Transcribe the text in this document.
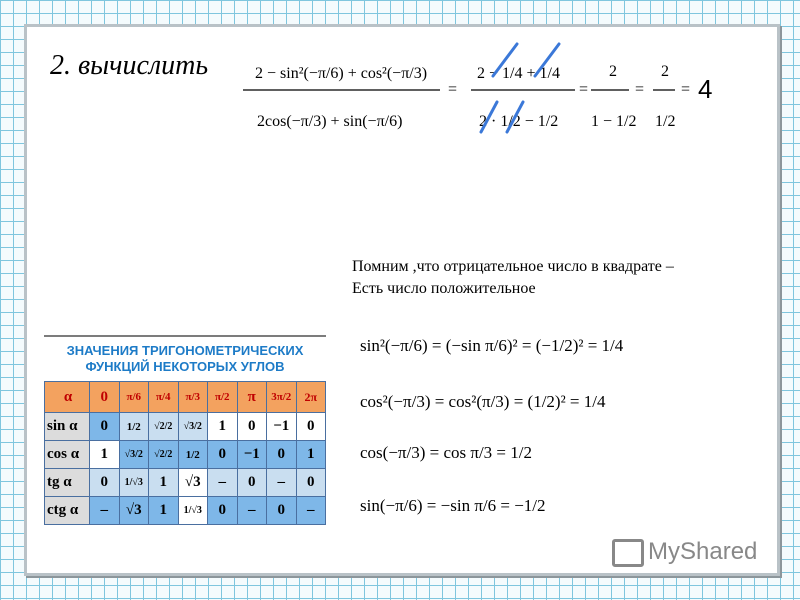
2. вычислить	2 − sin²(−π/6) + cos²(−π/3)
2cos(−π/3) + sin(−π/6)
=
2 − 1/4 + 1/4
2 · 1/2 − 1/2
=
2
1 − 1/2
=
2
1/2
= 4
Помним ,что отрицательное число в квадрате –
Есть число положительное
sin²(−π/6) = (−sin π/6)² = (−1/2)² = 1/4
cos²(−π/3) = cos²(π/3) = (1/2)² = 1/4
cos(−π/3) = cos π/3 = 1/2
sin(−π/6) = −sin π/6 = −1/2
ЗНАЧЕНИЯ ТРИГОНОМЕТРИЧЕСКИХ
ФУНКЦИЙ НЕКОТОРЫХ УГЛОВ
α	0	π/6	π/4	π/3	π/2	π	3π/2	2π
sin α	0	1/2	√2/2	√3/2	1	0	−1	0
cos α	1	√3/2	√2/2	1/2	0	−1	0	1
tg α	0	1/√3	1	√3	–	0	–	0
ctg α	–	√3	1	1/√3	0	–	0	–
MyShared
